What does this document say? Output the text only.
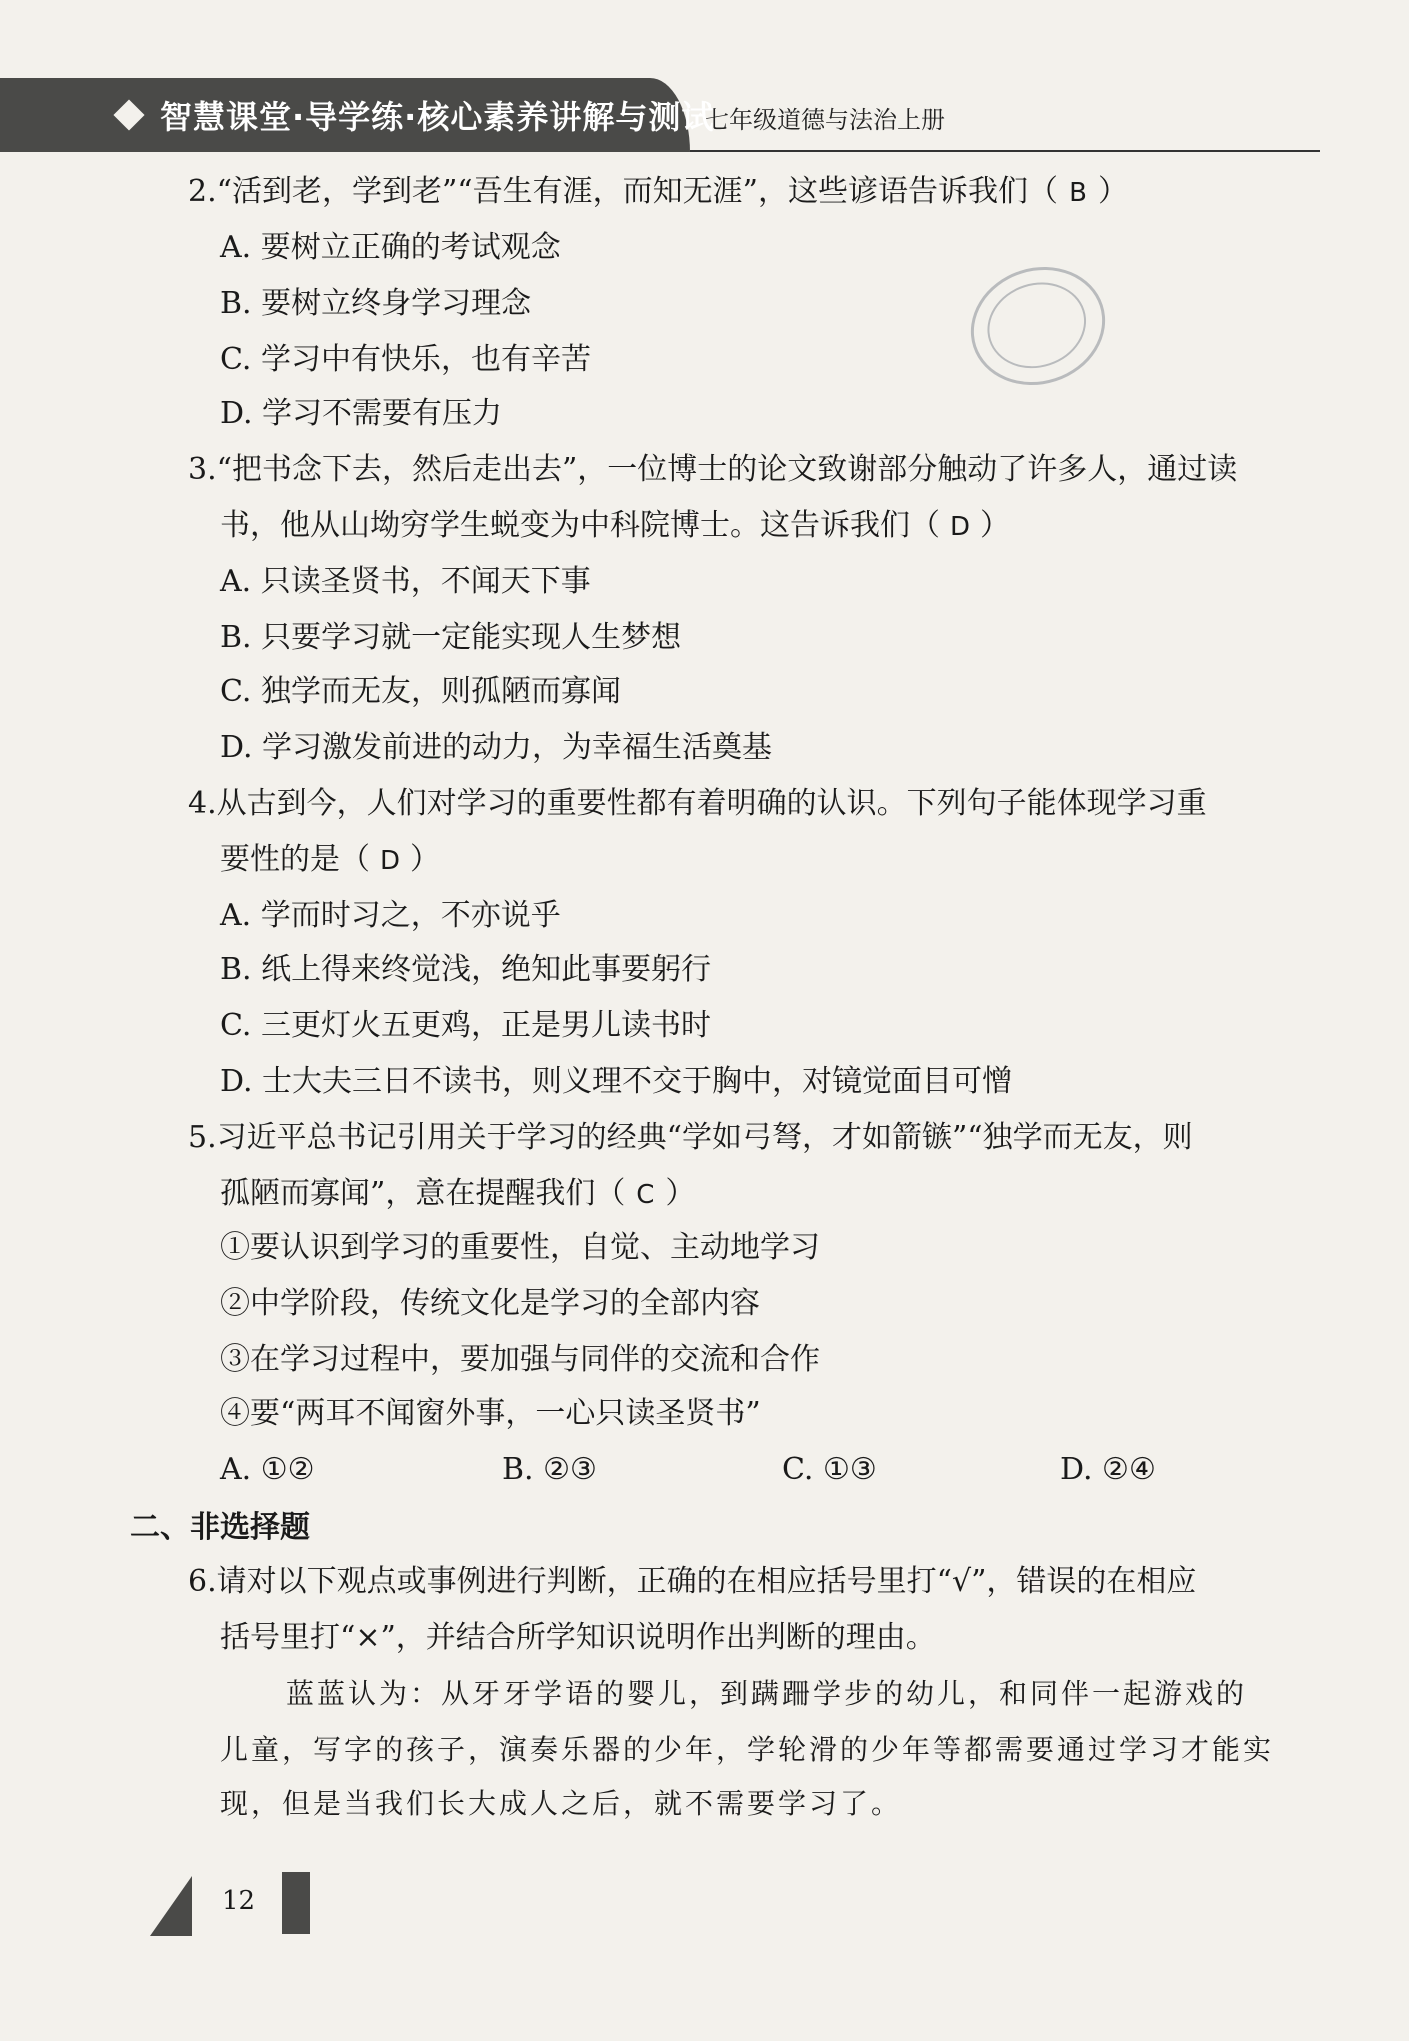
智慧课堂·导学练·核心素养讲解与测试
七年级道德与法治上册
2.“活到老，学到老”“吾生有涯，而知无涯”，这些谚语告诉我们（ B ）
A. 要树立正确的考试观念
B. 要树立终身学习理念
C. 学习中有快乐，也有辛苦
D. 学习不需要有压力
3.“把书念下去，然后走出去”，一位博士的论文致谢部分触动了许多人，通过读
书，他从山坳穷学生蜕变为中科院博士。这告诉我们（ D ）
A. 只读圣贤书，不闻天下事
B. 只要学习就一定能实现人生梦想
C. 独学而无友，则孤陋而寡闻
D. 学习激发前进的动力，为幸福生活奠基
4.从古到今，人们对学习的重要性都有着明确的认识。下列句子能体现学习重
要性的是（ D ）
A. 学而时习之，不亦说乎
B. 纸上得来终觉浅，绝知此事要躬行
C. 三更灯火五更鸡，正是男儿读书时
D. 士大夫三日不读书，则义理不交于胸中，对镜觉面目可憎
5.习近平总书记引用关于学习的经典“学如弓弩，才如箭镞”“独学而无友，则
孤陋而寡闻”，意在提醒我们（ C ）
①要认识到学习的重要性，自觉、主动地学习
②中学阶段，传统文化是学习的全部内容
③在学习过程中，要加强与同伴的交流和合作
④要“两耳不闻窗外事，一心只读圣贤书”
A. ①②	B. ②③	C. ①③	D. ②④
二、非选择题
6.请对以下观点或事例进行判断，正确的在相应括号里打“√”，错误的在相应
括号里打“×”，并结合所学知识说明作出判断的理由。
蓝蓝认为：从牙牙学语的婴儿，到蹒跚学步的幼儿，和同伴一起游戏的
儿童，写字的孩子，演奏乐器的少年，学轮滑的少年等都需要通过学习才能实
现，但是当我们长大成人之后，就不需要学习了。
12
